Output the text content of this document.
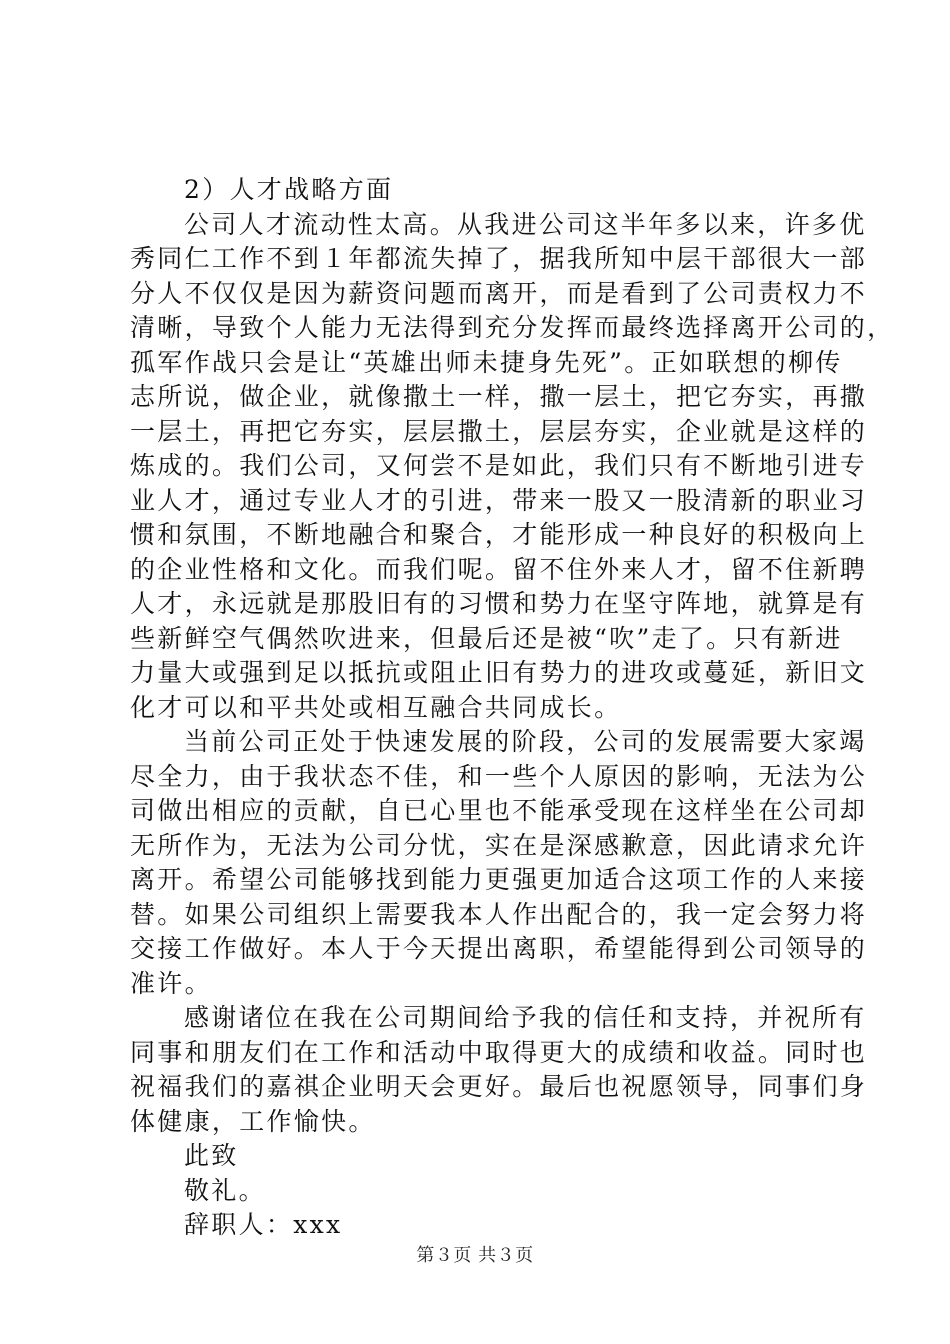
2）人才战略方面
公司人才流动性太高。从我进公司这半年多以来，许多优
秀同仁工作不到１年都流失掉了，据我所知中层干部很大一部
分人不仅仅是因为薪资问题而离开，而是看到了公司责权力不
清晰，导致个人能力无法得到充分发挥而最终选择离开公司的，
孤军作战只会是让“英雄出师未捷身先死”。正如联想的柳传
志所说，做企业，就像撒土一样，撒一层土，把它夯实，再撒
一层土，再把它夯实，层层撒土，层层夯实，企业就是这样的
炼成的。我们公司，又何尝不是如此，我们只有不断地引进专
业人才，通过专业人才的引进，带来一股又一股清新的职业习
惯和氛围，不断地融合和聚合，才能形成一种良好的积极向上
的企业性格和文化。而我们呢。留不住外来人才，留不住新聘
人才，永远就是那股旧有的习惯和势力在坚守阵地，就算是有
些新鲜空气偶然吹进来，但最后还是被“吹”走了。只有新进
力量大或强到足以抵抗或阻止旧有势力的进攻或蔓延，新旧文
化才可以和平共处或相互融合共同成长。
当前公司正处于快速发展的阶段，公司的发展需要大家竭
尽全力，由于我状态不佳，和一些个人原因的影响，无法为公
司做出相应的贡献，自已心里也不能承受现在这样坐在公司却
无所作为，无法为公司分忧，实在是深感歉意，因此请求允许
离开。希望公司能够找到能力更强更加适合这项工作的人来接
替。如果公司组织上需要我本人作出配合的，我一定会努力将
交接工作做好。本人于今天提出离职，希望能得到公司领导的
准许。
感谢诸位在我在公司期间给予我的信任和支持，并祝所有
同事和朋友们在工作和活动中取得更大的成绩和收益。同时也
祝福我们的嘉祺企业明天会更好。最后也祝愿领导，同事们身
体健康，工作愉快。
此致
敬礼。
辞职人：xxx
第３页 共３页
